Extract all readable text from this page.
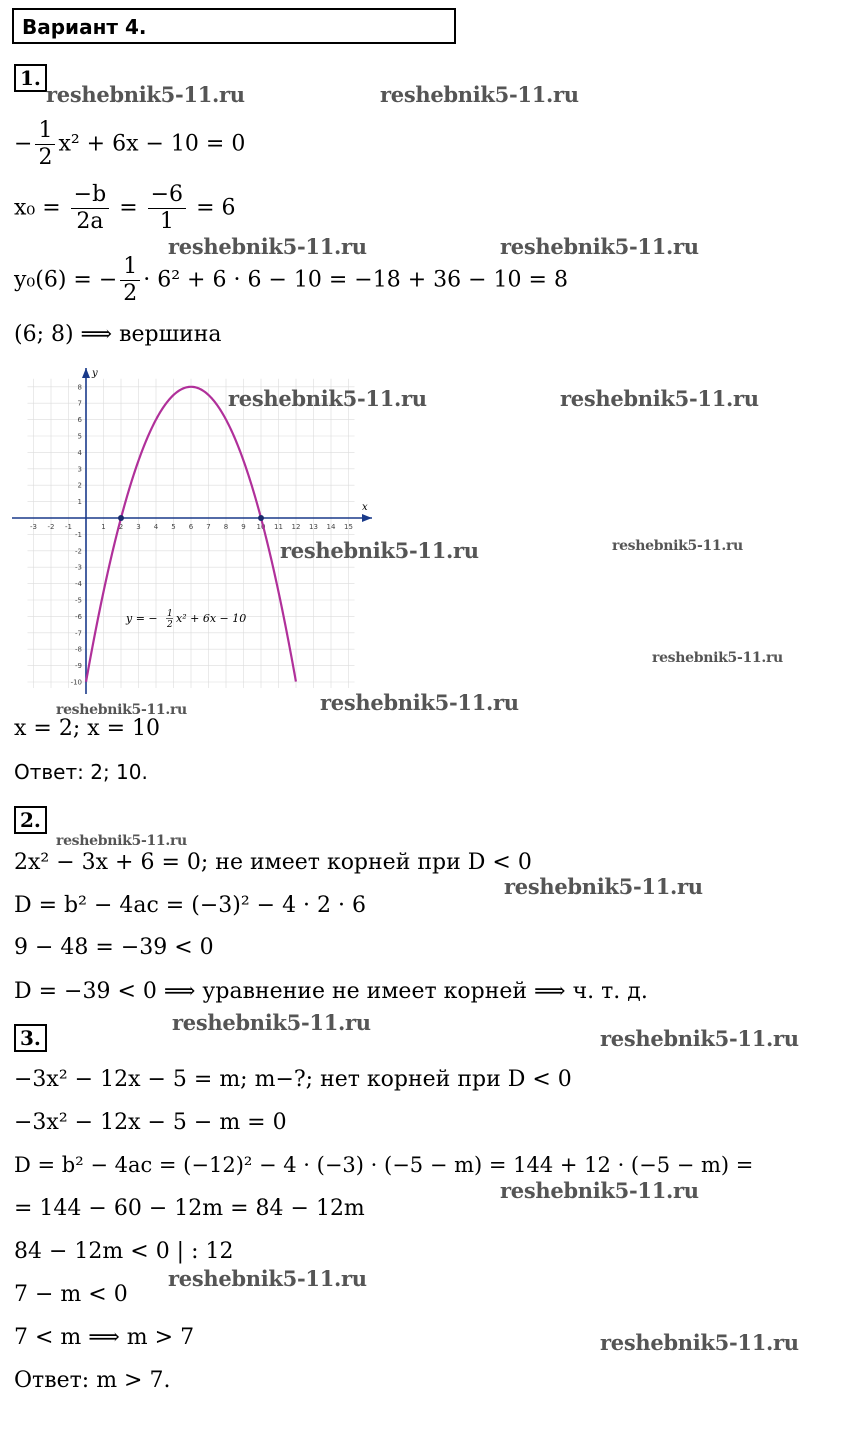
Вариант 4.
1.
− $\frac{1}{2} x^2 + 6x - 10 = 0$
$x_0 = \frac{-b}{2a} = \frac{-6}{1} = 6$
y₀(6) = − $\frac{1}{2} \cdot 6^2 + 6 \cdot 6 - 10 = -18 + 36 - 10 = 8$
(6; 8) ⟹ вершина
-3 -2 -1	1 2 3 4 5 6 7 8 9 10 11 12 13 14 15
8
7
6
5
4
3
2
1
-1
-2
-3
-4
-5
-6
-7
-8
-9
-10
x
y
y = − 1
2 x² + 6x − 10
x = 2; x = 10
Ответ: 2; 10.
2.
2x² − 3x + 6 = 0; не имеет корней при D < 0
D = b² − 4ac = (−3)² − 4 · 2 · 6
9 − 48 = −39 < 0
D = −39 < 0 ⟹ уравнение не имеет корней ⟹ ч. т. д.
3.
−3x² − 12x − 5 = m; m−?; нет корней при D < 0
−3x² − 12x − 5 − m = 0
D = b² − 4ac = (−12)² − 4 · (−3) · (−5 − m) = 144 + 12 · (−5 − m) =
= 144 − 60 − 12m = 84 − 12m
84 − 12m < 0 | : 12
7 − m < 0
7 < m ⟹ m > 7
Ответ: m > 7.
reshebnik5-11.ru	reshebnik5-11.ru
reshebnik5-11.ru	reshebnik5-11.ru
reshebnik5-11.ru	reshebnik5-11.ru
reshebnik5-11.ru	reshebnik5-11.ru
reshebnik5-11.ru
reshebnik5-11.ru	reshebnik5-11.ru
reshebnik5-11.ru
reshebnik5-11.ru
reshebnik5-11.ru
reshebnik5-11.ru
reshebnik5-11.ru
reshebnik5-11.ru
reshebnik5-11.ru
